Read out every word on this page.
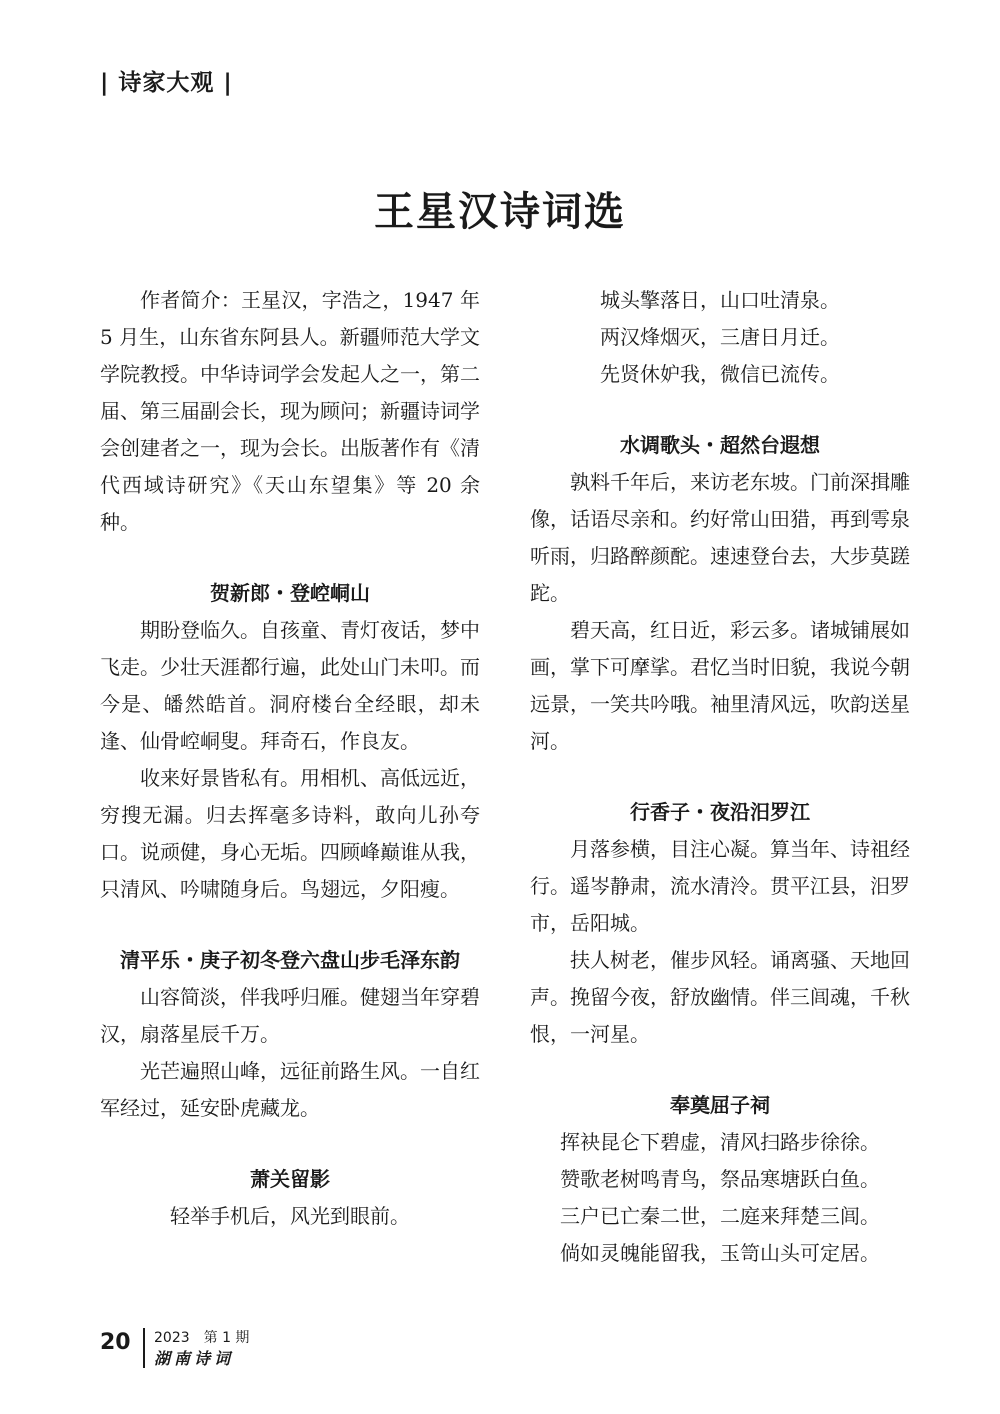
| 诗家大观 |
王星汉诗词选

作者简介：王星汉，字浩之，1947 年 5 月生，山东省东阿县人。新疆师范大学文学院教授。中华诗词学会发起人之一，第二届、第三届副会长，现为顾问；新疆诗词学会创建者之一，现为会长。出版著作有《清代西域诗研究》《天山东望集》等 20 余种。

贺新郎・登崆峒山

期盼登临久。自孩童、青灯夜话，梦中飞走。少壮天涯都行遍，此处山门未叩。而今是、皤然皓首。洞府楼台全经眼，却未逢、仙骨崆峒叟。拜奇石，作良友。

收来好景皆私有。用相机、高低远近，穷搜无漏。归去挥毫多诗料，敢向儿孙夸口。说顽健，身心无垢。四顾峰巅谁从我，只清风、吟啸随身后。鸟翅远，夕阳瘦。

清平乐・庚子初冬登六盘山步毛泽东韵

山容简淡，伴我呼归雁。健翅当年穿碧汉，扇落星辰千万。

光芒遍照山峰，远征前路生风。一自红军经过，延安卧虎藏龙。

萧关留影

轻举手机后，风光到眼前。

城头擎落日，山口吐清泉。

两汉烽烟灭，三唐日月迁。

先贤休妒我，微信已流传。

水调歌头・超然台遐想

孰料千年后，来访老东坡。门前深揖雕像，话语尽亲和。约好常山田猎，再到雩泉听雨，归路醉颜酡。速速登台去，大步莫蹉跎。

碧天高，红日近，彩云多。诸城铺展如画，掌下可摩挲。君忆当时旧貌，我说今朝远景，一笑共吟哦。袖里清风远，吹韵送星河。

行香子・夜沿汨罗江

月落参横，目注心凝。算当年、诗祖经行。遥岑静肃，流水清泠。贯平江县，汨罗市，岳阳城。

扶人树老，催步风轻。诵离骚、天地回声。挽留今夜，舒放幽情。伴三闾魂，千秋恨，一河星。

奉奠屈子祠

挥袂昆仑下碧虚，清风扫路步徐徐。

赞歌老树鸣青鸟，祭品寒塘跃白鱼。

三户已亡秦二世，二庭来拜楚三闾。

倘如灵魄能留我，玉笥山头可定居。

20 2023　第 1 期
湖南诗词
